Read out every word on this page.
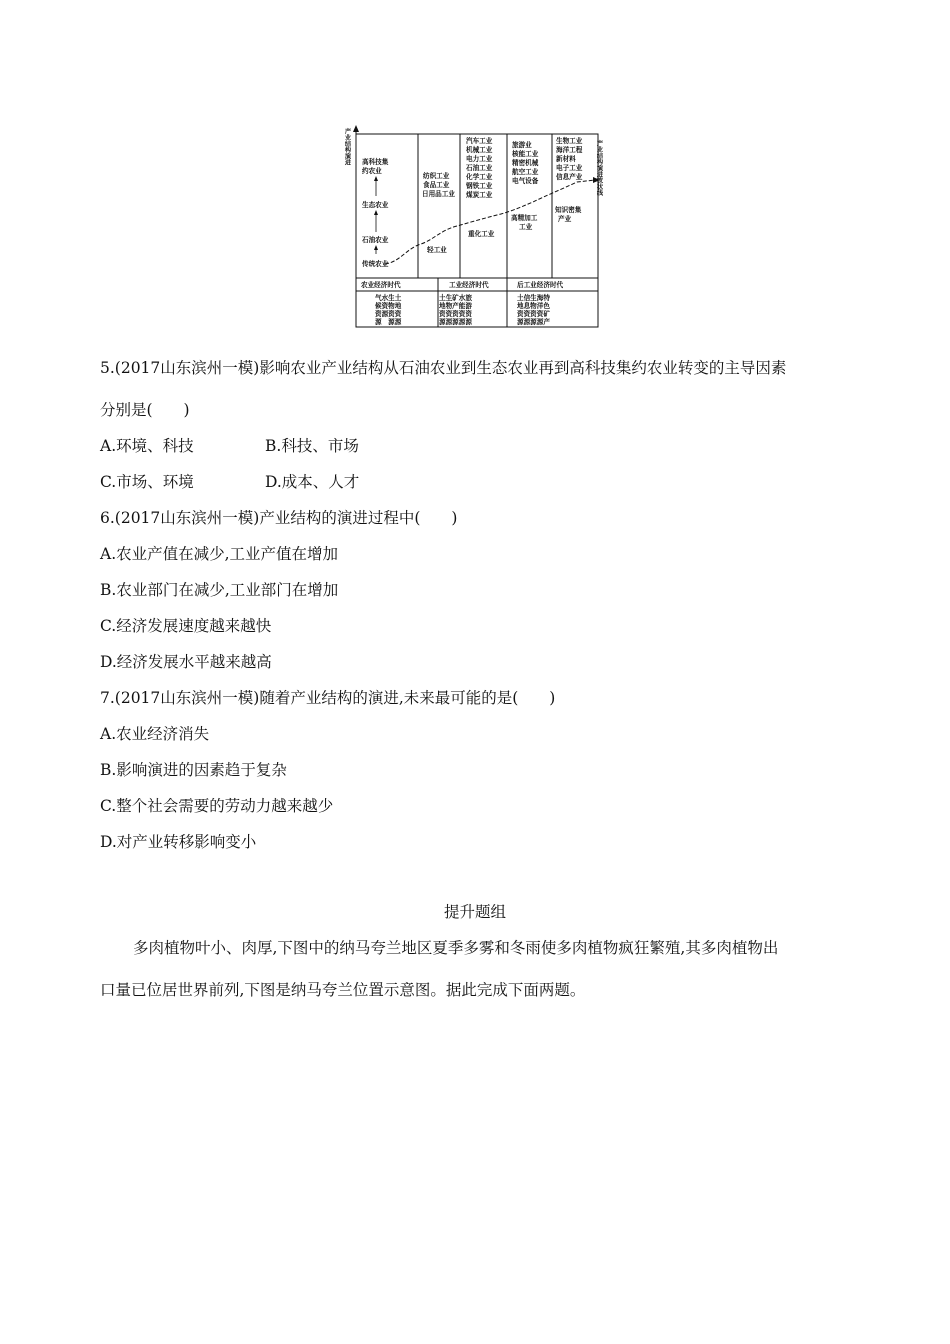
产业结构演进
农业经济时代	工业经济时代	后工业经济时代
气水生土
候资物地
资源资资
源　源源
土生矿水旅
地物产能游
资资资资资
源源源源源
土信生海特
地息物洋色
资资资资矿
源源源源产
高科技集
约农业
生态农业
石油农业
传统农业
纺织工业
食品工业
日用品工业
轻工业
汽车工业
机械工业
电力工业
石油工业
化学工业
钢铁工业
煤炭工业
重化工业
旅游业
核能工业
精密机械
航空工业
电气设备
高精加工
工业
生物工业
海洋工程
新材料
电子工业
信息产业
知识密集
产业
产业结构演进波状线
5.(2017山东滨州一模)影响农业产业结构从石油农业到生态农业再到高科技集约农业转变的主导因素
分别是(　　)
A.环境、科技	B.科技、市场
C.市场、环境	D.成本、人才
6.(2017山东滨州一模)产业结构的演进过程中(　　)
A.农业产值在减少,工业产值在增加
B.农业部门在减少,工业部门在增加
C.经济发展速度越来越快
D.经济发展水平越来越高
7.(2017山东滨州一模)随着产业结构的演进,未来最可能的是(　　)
A.农业经济消失
B.影响演进的因素趋于复杂
C.整个社会需要的劳动力越来越少
D.对产业转移影响变小
提升题组
多肉植物叶小、肉厚,下图中的纳马夸兰地区夏季多雾和冬雨使多肉植物疯狂繁殖,其多肉植物出
口量已位居世界前列,下图是纳马夸兰位置示意图。据此完成下面两题。
